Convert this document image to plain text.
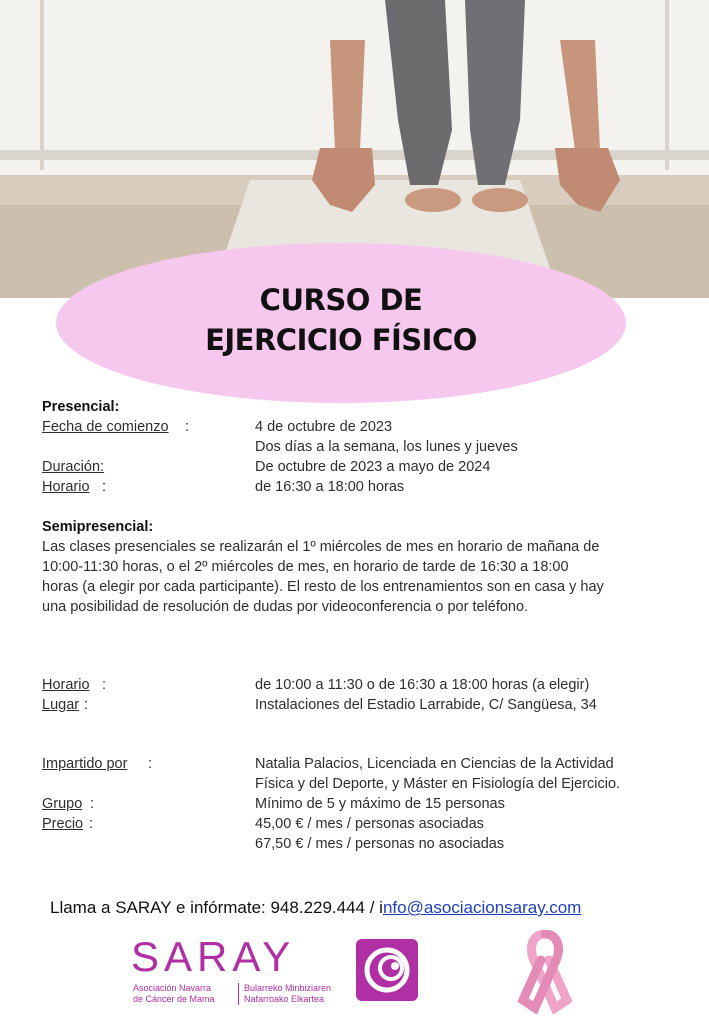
CURSO DE
EJERCICIO FÍSICO
Presencial:
Fecha de comienzo :	4 de octubre de 2023
Dos días a la semana, los lunes y jueves
Duración:	De octubre de 2023 a mayo de 2024
Horario :	de 16:30 a 18:00 horas
Semipresencial:
Las clases presenciales se realizarán el 1º miércoles de mes en horario de mañana de
10:00-11:30 horas, o el 2º miércoles de mes, en horario de tarde de 16:30 a 18:00
horas (a elegir por cada participante). El resto de los entrenamientos son en casa y hay
una posibilidad de resolución de dudas por videoconferencia o por teléfono.
Horario :	de 10:00 a 11:30 o de 16:30 a 18:00 horas (a elegir)
Lugar :	Instalaciones del Estadio Larrabide, C/ Sangüesa, 34
Impartido por :	Natalia Palacios, Licenciada en Ciencias de la Actividad
Física y del Deporte, y Máster en Fisiología del Ejercicio.
Grupo :	Mínimo de 5 y máximo de 15 personas
Precio :	45,00 € / mes / personas asociadas
67,50 € / mes / personas no asociadas
Llama a SARAY e infórmate: 948.229.444 / info@asociacionsaray.com
SARAY
Asociación Navarra
de Cáncer de Mama
Bularreko Minbiziaren
Nafarroako Elkartea
